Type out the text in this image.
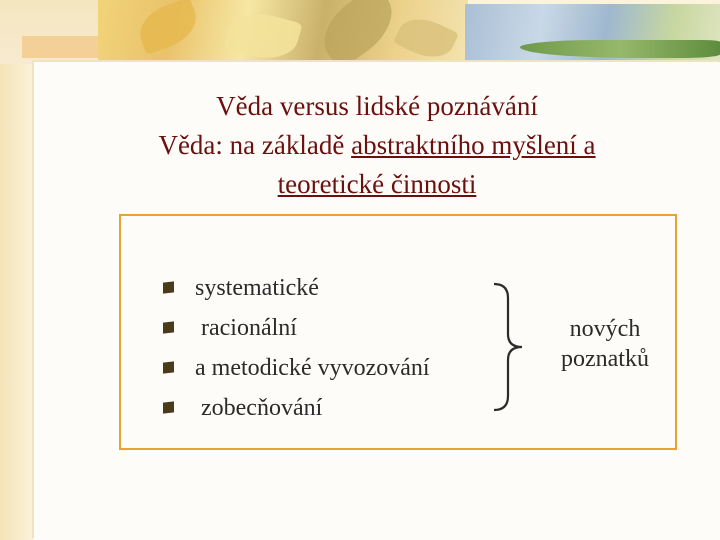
Věda versus lidské poznávání
Věda: na základě abstraktního myšlení a
teoretické činnosti
systematické
racionální
a metodické vyvozování
zobecňování
nových
poznatků
